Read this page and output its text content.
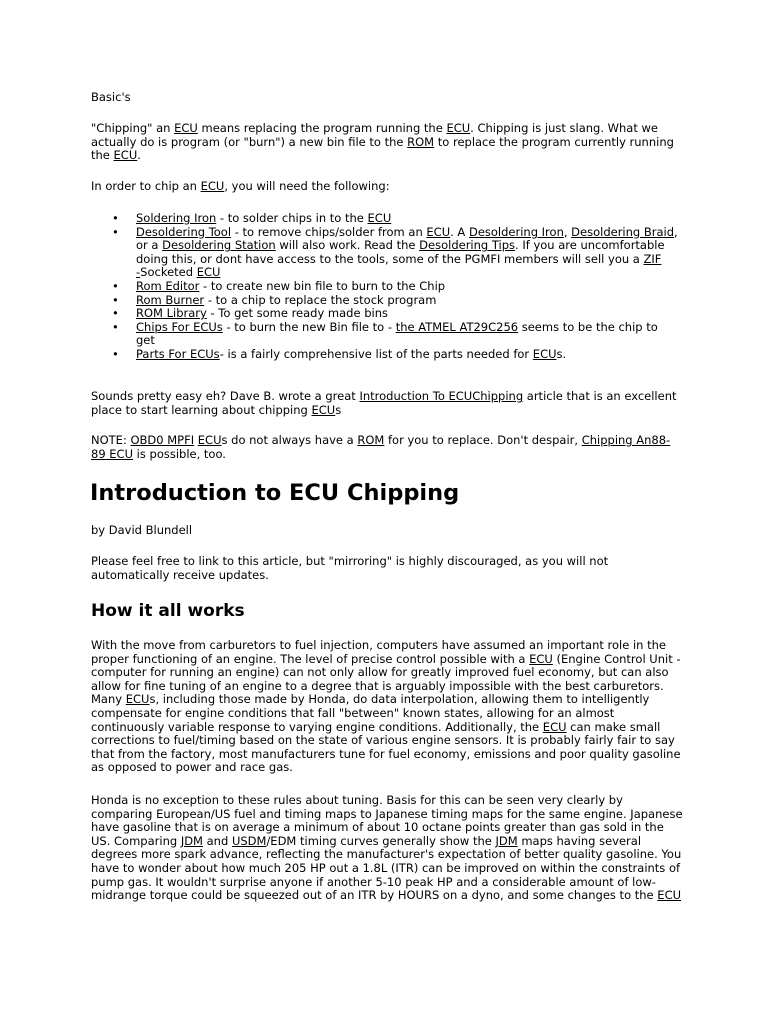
Basic's

"Chipping" an ECU means replacing the program running the ECU. Chipping is just slang. What we
actually do is program (or "burn") a new bin file to the ROM to replace the program currently running
the ECU.

In order to chip an ECU, you will need the following:

• Soldering Iron - to solder chips in to the ECU
• Desoldering Tool - to remove chips/solder from an ECU. A Desoldering Iron, Desoldering Braid,
or a Desoldering Station will also work. Read the Desoldering Tips. If you are uncomfortable
doing this, or dont have access to the tools, some of the PGMFI members will sell you a ZIF
-Socketed ECU
• Rom Editor - to create new bin file to burn to the Chip
• Rom Burner - to a chip to replace the stock program
• ROM Library - To get some ready made bins
• Chips For ECUs - to burn the new Bin file to - the ATMEL AT29C256 seems to be the chip to
get
• Parts For ECUs- is a fairly comprehensive list of the parts needed for ECUs.

Sounds pretty easy eh? Dave B. wrote a great Introduction To ECUChipping article that is an excellent
place to start learning about chipping ECUs

NOTE: OBD0 MPFI ECUs do not always have a ROM for you to replace. Don't despair, Chipping An88-
89 ECU is possible, too.

Introduction to ECU Chipping

by David Blundell

Please feel free to link to this article, but "mirroring" is highly discouraged, as you will not
automatically receive updates.

How it all works

With the move from carburetors to fuel injection, computers have assumed an important role in the
proper functioning of an engine. The level of precise control possible with a ECU (Engine Control Unit -
computer for running an engine) can not only allow for greatly improved fuel economy, but can also
allow for fine tuning of an engine to a degree that is arguably impossible with the best carburetors.
Many ECUs, including those made by Honda, do data interpolation, allowing them to intelligently
compensate for engine conditions that fall "between" known states, allowing for an almost
continuously variable response to varying engine conditions. Additionally, the ECU can make small
corrections to fuel/timing based on the state of various engine sensors. It is probably fairly fair to say
that from the factory, most manufacturers tune for fuel economy, emissions and poor quality gasoline
as opposed to power and race gas.

Honda is no exception to these rules about tuning. Basis for this can be seen very clearly by
comparing European/US fuel and timing maps to Japanese timing maps for the same engine. Japanese
have gasoline that is on average a minimum of about 10 octane points greater than gas sold in the
US. Comparing JDM and USDM/EDM timing curves generally show the JDM maps having several
degrees more spark advance, reflecting the manufacturer's expectation of better quality gasoline. You
have to wonder about how much 205 HP out a 1.8L (ITR) can be improved on within the constraints of
pump gas. It wouldn't surprise anyone if another 5-10 peak HP and a considerable amount of low-
midrange torque could be squeezed out of an ITR by HOURS on a dyno, and some changes to the ECU
